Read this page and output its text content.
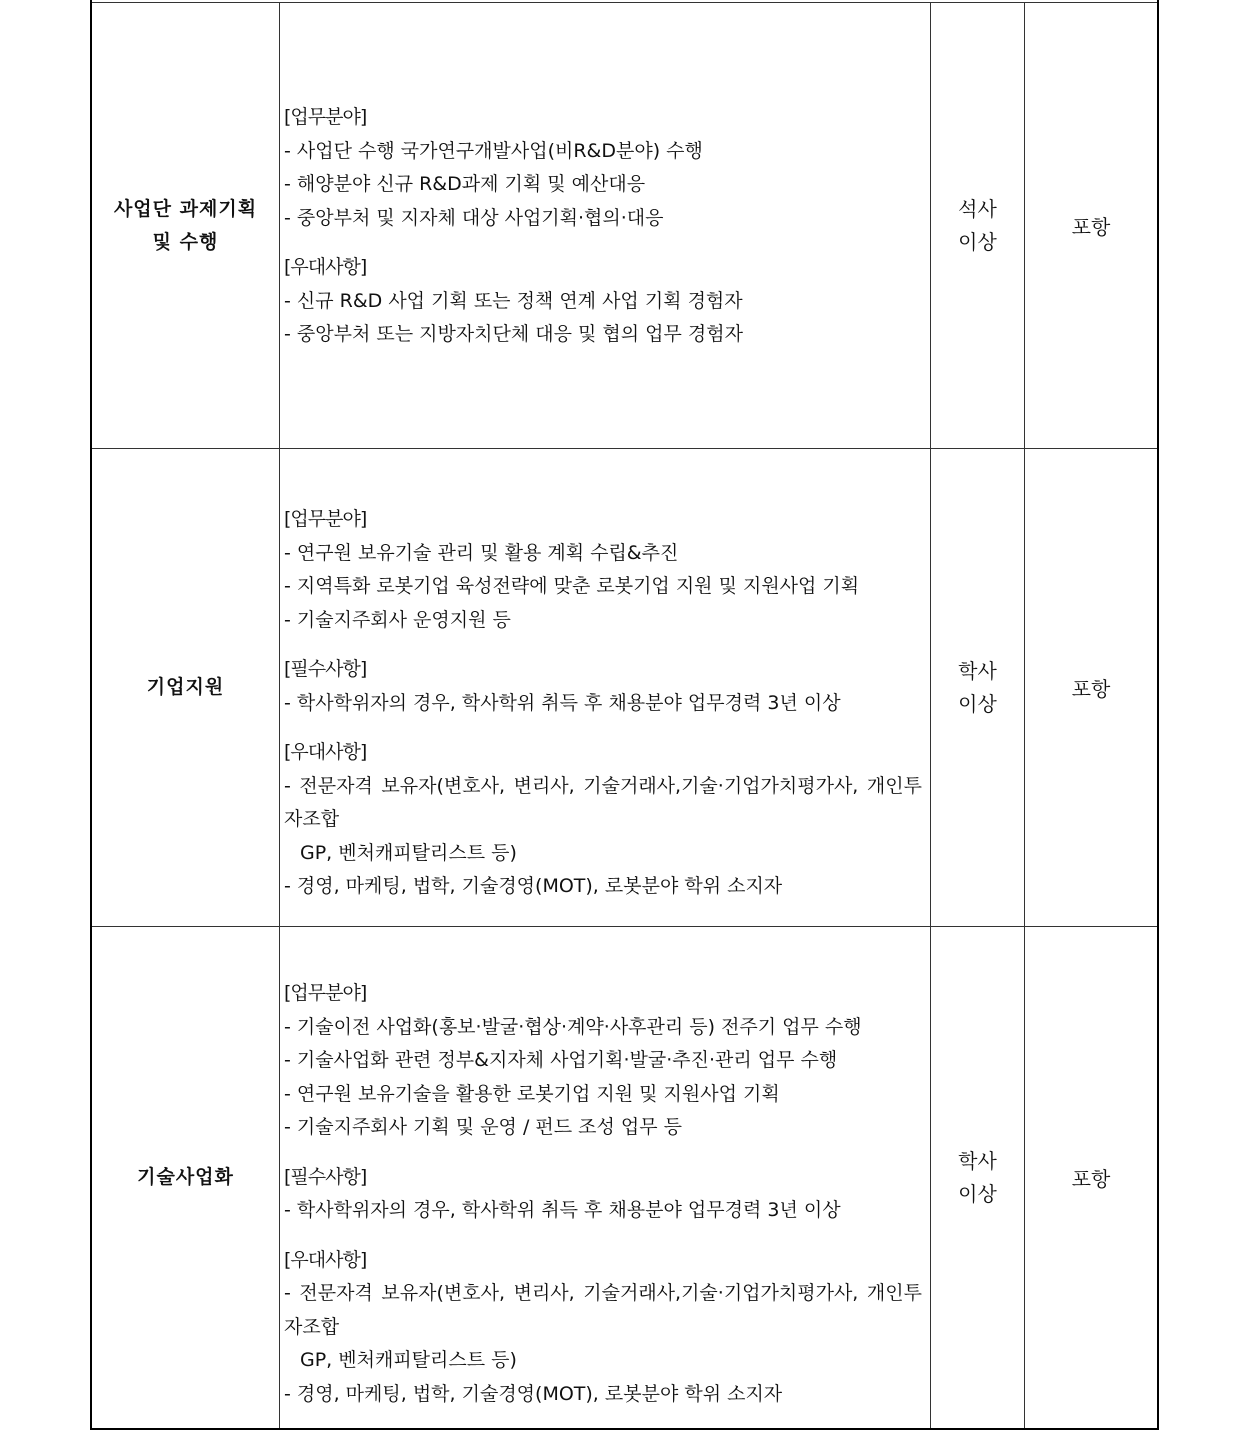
사업단 과제기획
및 수행
[업무분야]
- 사업단 수행 국가연구개발사업(비R&D분야) 수행
- 해양분야 신규 R&D과제 기획 및 예산대응
- 중앙부처 및 지자체 대상 사업기획·협의·대응
[우대사항]
- 신규 R&D 사업 기획 또는 정책 연계 사업 기획 경험자
- 중앙부처 또는 지방자치단체 대응 및 협의 업무 경험자
석사
이상
포항
기업지원
[업무분야]
- 연구원 보유기술 관리 및 활용 계획 수립&추진
- 지역특화 로봇기업 육성전략에 맞춘 로봇기업 지원 및 지원사업 기획
- 기술지주회사 운영지원 등
[필수사항]
- 학사학위자의 경우, 학사학위 취득 후 채용분야 업무경력 3년 이상
[우대사항]
- 전문자격 보유자(변호사, 변리사, 기술거래사,기술·기업가치평가사, 개인투자조합
GP, 벤처캐피탈리스트 등)
- 경영, 마케팅, 법학, 기술경영(MOT), 로봇분야 학위 소지자
학사
이상
포항
기술사업화
[업무분야]
- 기술이전 사업화(홍보·발굴·협상·계약·사후관리 등) 전주기 업무 수행
- 기술사업화 관련 정부&지자체 사업기획·발굴·추진·관리 업무 수행
- 연구원 보유기술을 활용한 로봇기업 지원 및 지원사업 기획
- 기술지주회사 기획 및 운영 / 펀드 조성 업무 등
[필수사항]
- 학사학위자의 경우, 학사학위 취득 후 채용분야 업무경력 3년 이상
[우대사항]
- 전문자격 보유자(변호사, 변리사, 기술거래사,기술·기업가치평가사, 개인투자조합
GP, 벤처캐피탈리스트 등)
- 경영, 마케팅, 법학, 기술경영(MOT), 로봇분야 학위 소지자
학사
이상
포항
